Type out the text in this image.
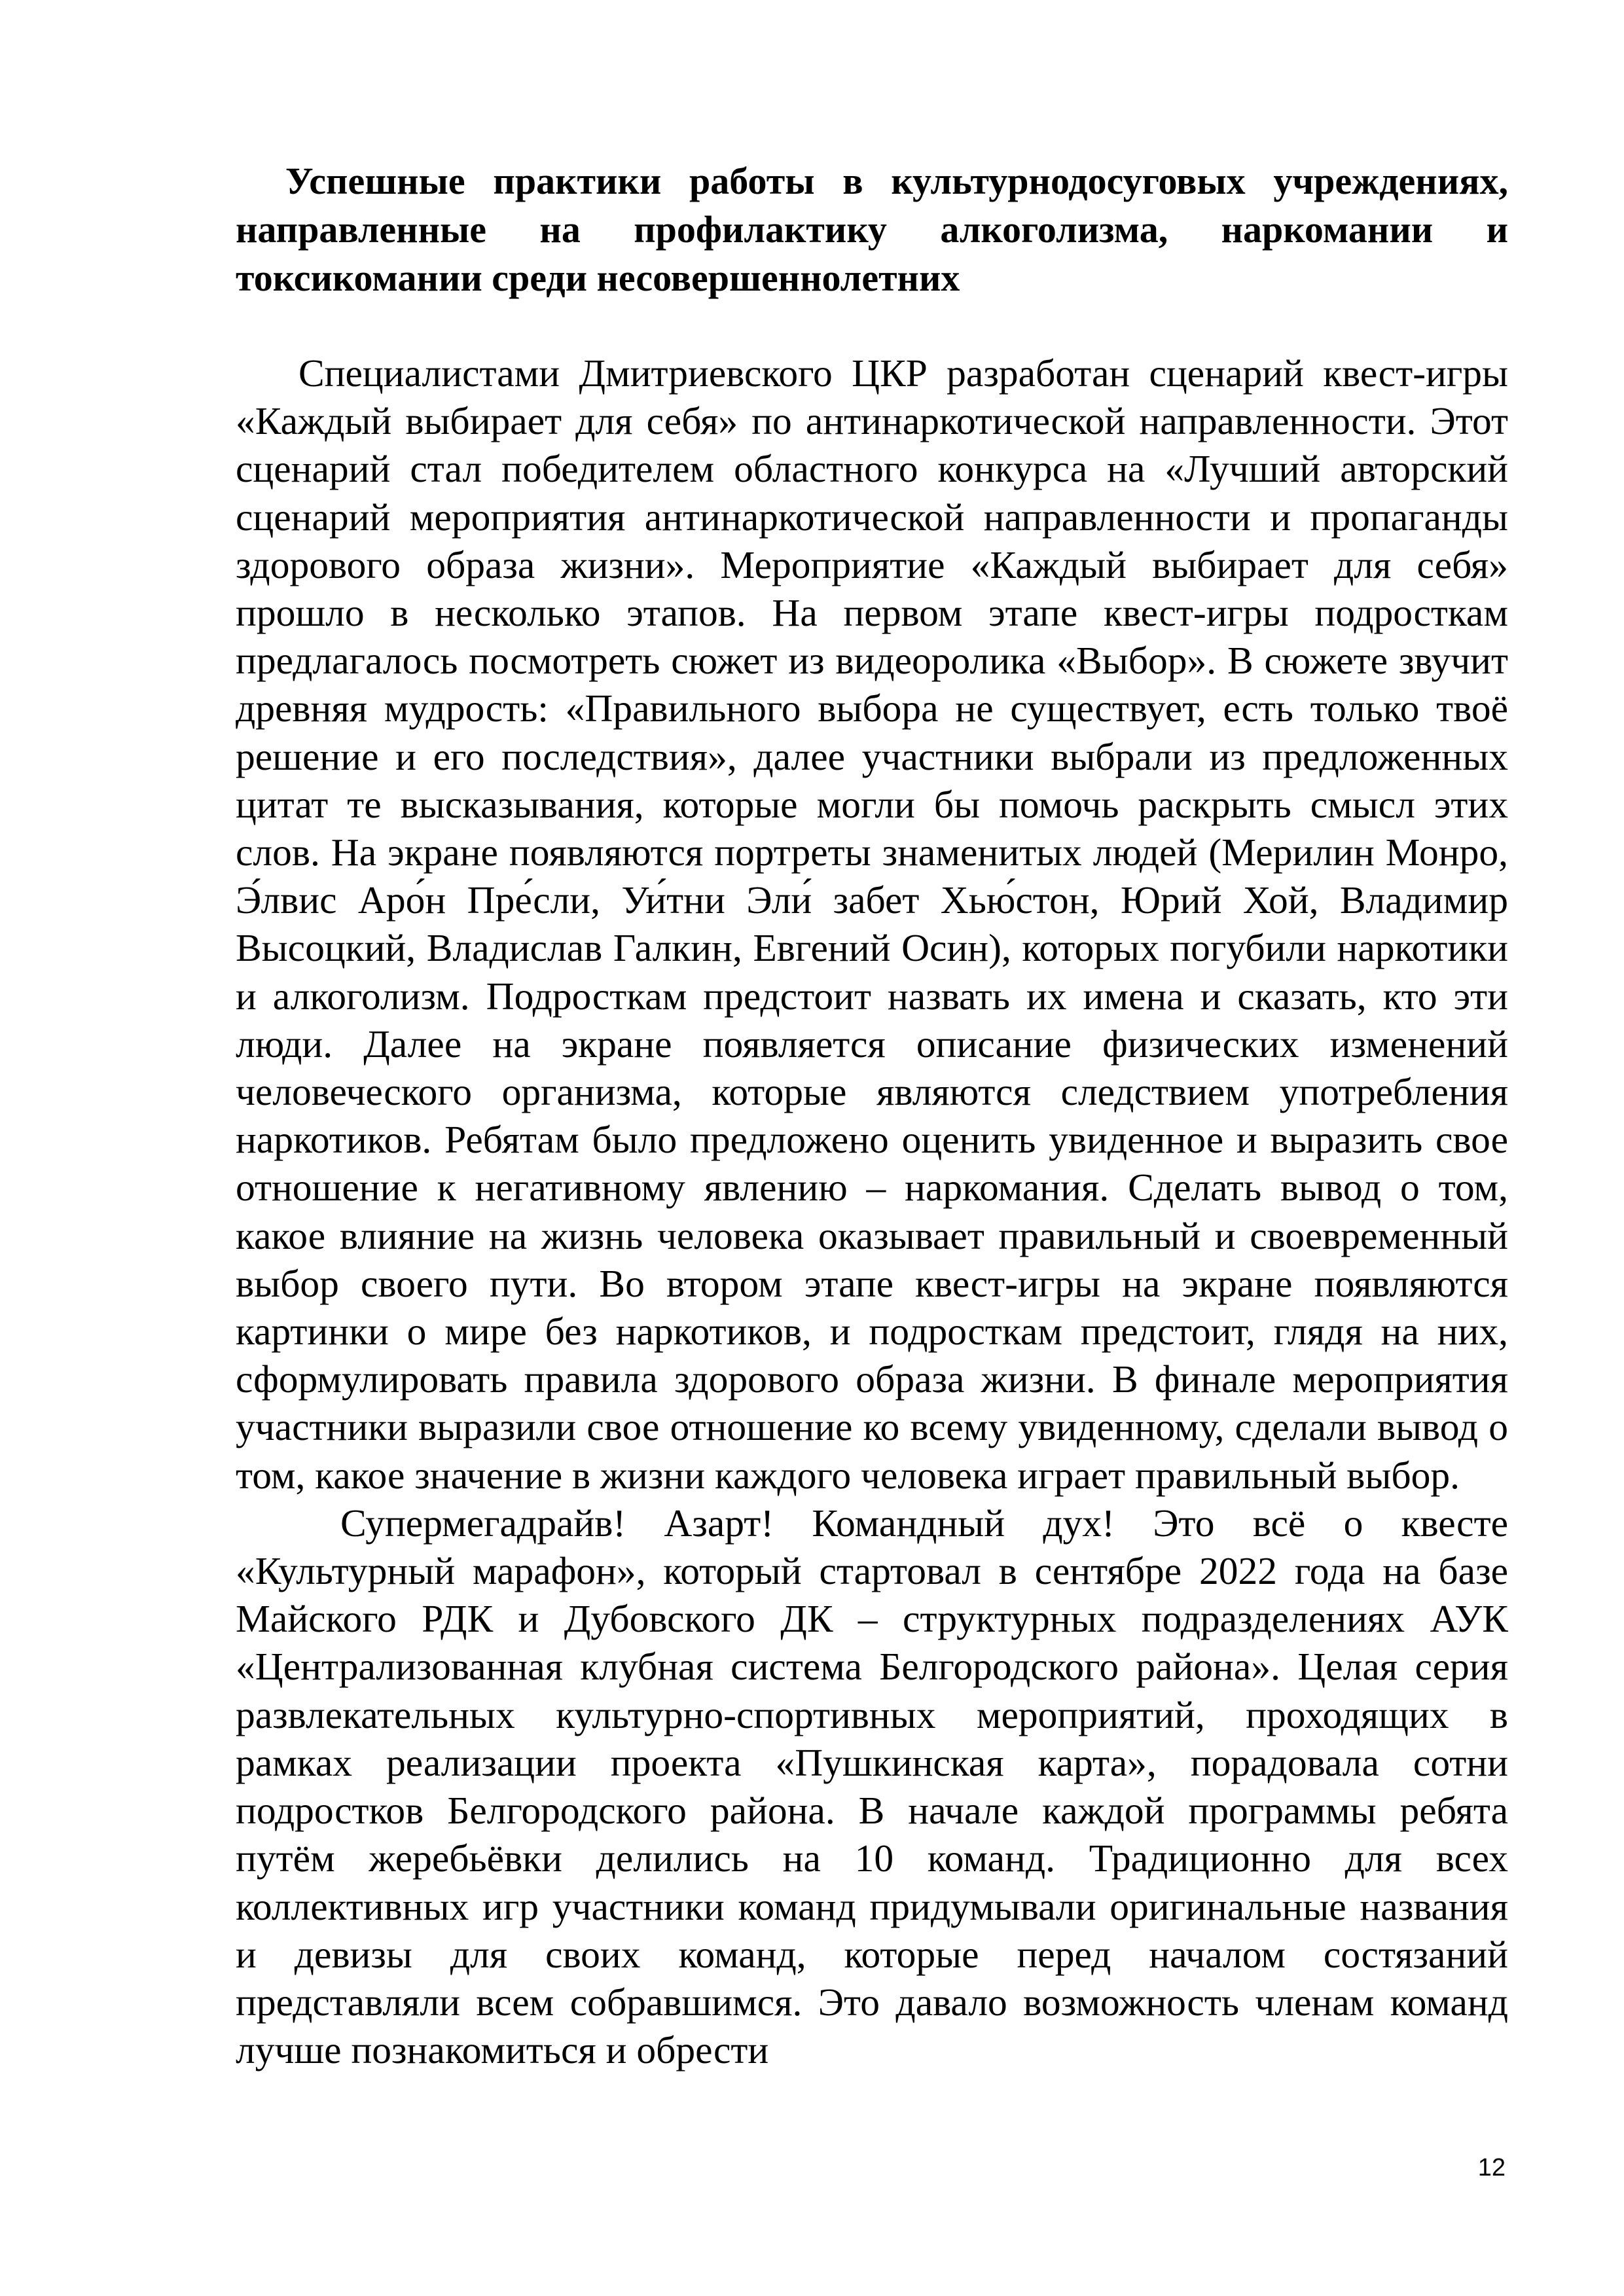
Успешные практики работы в культурнодосуговых учреждениях, направленные на профилактику алкоголизма, наркомании и токсикомании среди несовершеннолетних

Специалистами Дмитриевского ЦКР разработан сценарий квест-игры «Каждый выбирает для себя» по антинаркотической направленности. Этот сценарий стал победителем областного конкурса на «Лучший авторский сценарий мероприятия антинаркотической направленности и пропаганды здорового образа жизни». Мероприятие «Каждый выбирает для себя» прошло в несколько этапов. На первом этапе квест-игры подросткам предлагалось посмотреть сюжет из видеоролика «Выбор». В сюжете звучит древняя мудрость: «Правильного выбора не существует, есть только твоё решение и его последствия», далее участники выбрали из предложенных цитат те высказывания, которые могли бы помочь раскрыть смысл этих слов. На экране появляются портреты знаменитых людей (Мерилин Монро, Э́лвис Аро́н Пре́сли, Уи́тни Эли́ забет Хью́стон, Юрий Хой, Владимир Высоцкий, Владислав Галкин, Евгений Осин), которых погубили наркотики и алкоголизм. Подросткам предстоит назвать их имена и сказать, кто эти люди. Далее на экране появляется описание физических изменений человеческого организма, которые являются следствием употребления наркотиков. Ребятам было предложено оценить увиденное и выразить свое отношение к негативному явлению – наркомания. Сделать вывод о том, какое влияние на жизнь человека оказывает правильный и своевременный выбор своего пути. Во втором этапе квест-игры на экране появляются картинки о мире без наркотиков, и подросткам предстоит, глядя на них, сформулировать правила здорового образа жизни. В финале мероприятия участники выразили свое отношение ко всему увиденному, сделали вывод о том, какое значение в жизни каждого человека играет правильный выбор.

Супермегадрайв! Азарт! Командный дух! Это всё о квесте «Культурный марафон», который стартовал в сентябре 2022 года на базе Майского РДК и Дубовского ДК – структурных подразделениях АУК «Централизованная клубная система Белгородского района». Целая серия развлекательных культурно-спортивных мероприятий, проходящих в рамках реализации проекта «Пушкинская карта», порадовала сотни подростков Белгородского района. В начале каждой программы ребята путём жеребьёвки делились на 10 команд. Традиционно для всех коллективных игр участники команд придумывали оригинальные названия и девизы для своих команд, которые перед началом состязаний представляли всем собравшимся. Это давало возможность членам команд лучше познакомиться и обрести

12
